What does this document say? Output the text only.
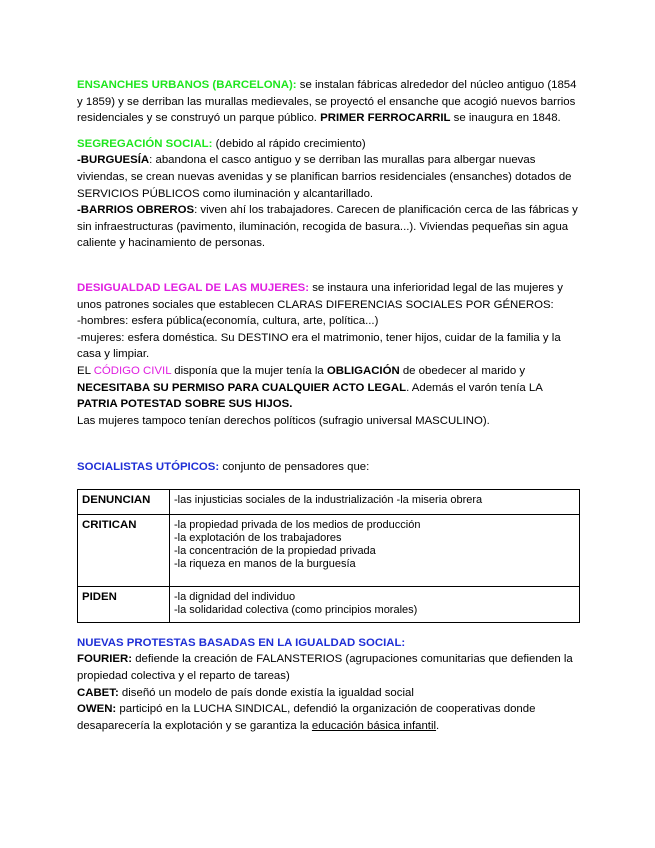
ENSANCHES URBANOS (BARCELONA): se instalan fábricas alrededor del núcleo antiguo (1854 y 1859) y se derriban las murallas medievales, se proyectó el ensanche que acogió nuevos barrios residenciales y se construyó un parque público. PRIMER FERROCARRIL se inaugura en 1848.

SEGREGACIÓN SOCIAL: (debido al rápido crecimiento)

-BURGUESÍA: abandona el casco antiguo y se derriban las murallas para albergar nuevas viviendas, se crean nuevas avenidas y se planifican barrios residenciales (ensanches) dotados de SERVICIOS PÚBLICOS como iluminación y alcantarillado.

-BARRIOS OBREROS: viven ahí los trabajadores. Carecen de planificación cerca de las fábricas y sin infraestructuras (pavimento, iluminación, recogida de basura...). Viviendas pequeñas sin agua caliente y hacinamiento de personas.

DESIGUALDAD LEGAL DE LAS MUJERES: se instaura una inferioridad legal de las mujeres y unos patrones sociales que establecen CLARAS DIFERENCIAS SOCIALES POR GÉNEROS:

-hombres: esfera pública(economía, cultura, arte, política...)

-mujeres: esfera doméstica. Su DESTINO era el matrimonio, tener hijos, cuidar de la familia y la casa y limpiar.

EL CÓDIGO CIVIL disponía que la mujer tenía la OBLIGACIÓN de obedecer al marido y NECESITABA SU PERMISO PARA CUALQUIER ACTO LEGAL. Además el varón tenía LA PATRIA POTESTAD SOBRE SUS HIJOS.

Las mujeres tampoco tenían derechos políticos (sufragio universal MASCULINO).

SOCIALISTAS UTÓPICOS: conjunto de pensadores que:

DENUNCIAN	-las injusticias sociales de la industrialización -la miseria obrera
CRITICAN	-la propiedad privada de los medios de producción
-la explotación de los trabajadores
-la concentración de la propiedad privada
-la riqueza en manos de la burguesía

PIDEN	-la dignidad del individuo
-la solidaridad colectiva (como principios morales)

NUEVAS PROTESTAS BASADAS EN LA IGUALDAD SOCIAL:

FOURIER: defiende la creación de FALANSTERIOS (agrupaciones comunitarias que defienden la propiedad colectiva y el reparto de tareas)

CABET: diseñó un modelo de país donde existía la igualdad social

OWEN: participó en la LUCHA SINDICAL, defendió la organización de cooperativas donde desaparecería la explotación y se garantiza la educación básica infantil.
